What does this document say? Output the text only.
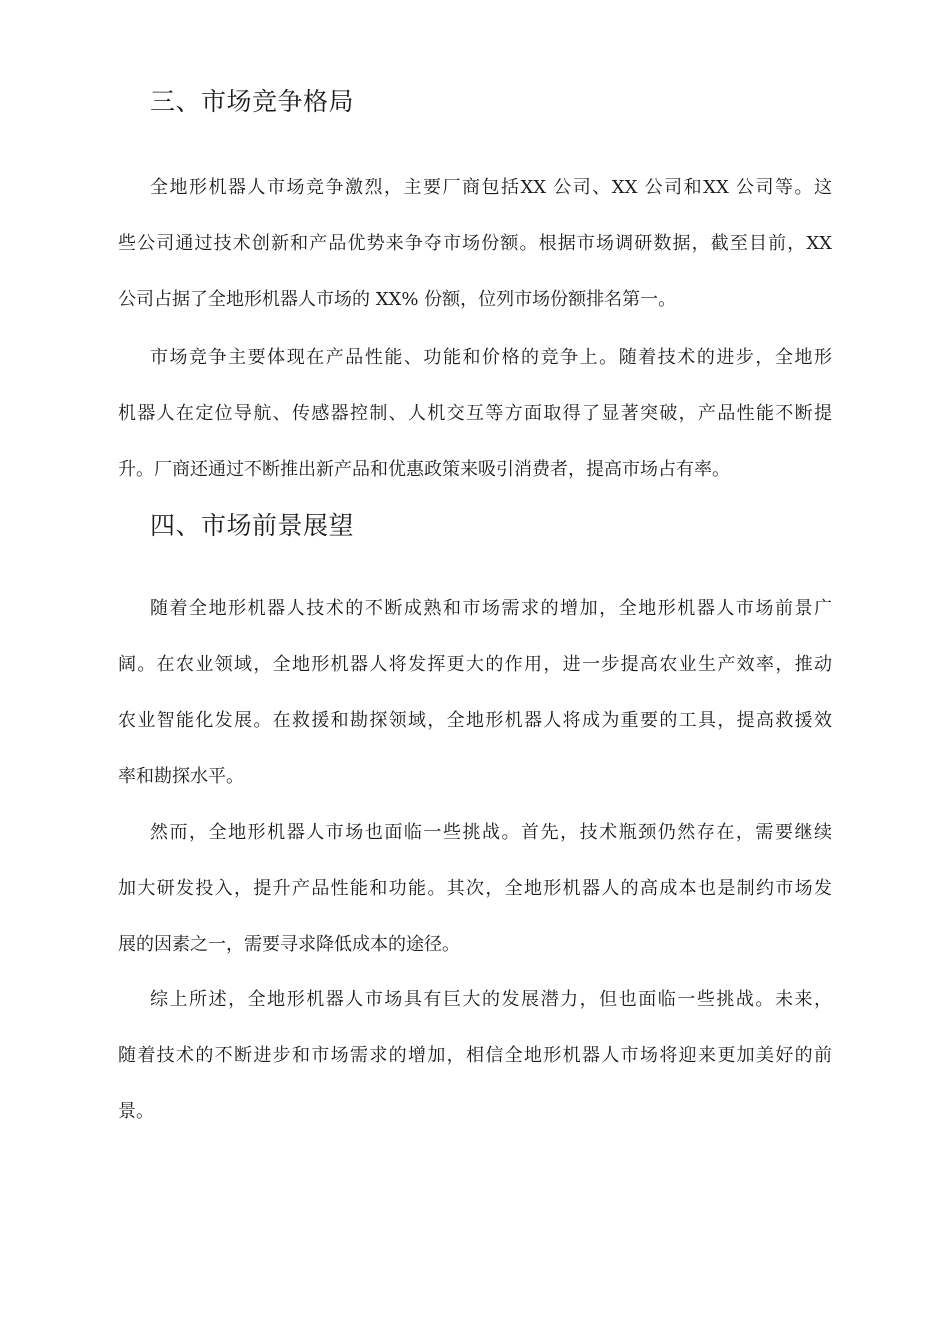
三、市场竞争格局
全地形机器人市场竞争激烈，主要厂商包括XX 公司、XX 公司和XX 公司等。这
些公司通过技术创新和产品优势来争夺市场份额。根据市场调研数据，截至目前，XX
公司占据了全地形机器人市场的 XX% 份额，位列市场份额排名第一。
市场竞争主要体现在产品性能、功能和价格的竞争上。随着技术的进步，全地形
机器人在定位导航、传感器控制、人机交互等方面取得了显著突破，产品性能不断提
升。厂商还通过不断推出新产品和优惠政策来吸引消费者，提高市场占有率。
四、市场前景展望
随着全地形机器人技术的不断成熟和市场需求的增加，全地形机器人市场前景广
阔。在农业领域，全地形机器人将发挥更大的作用，进一步提高农业生产效率，推动
农业智能化发展。在救援和勘探领域，全地形机器人将成为重要的工具，提高救援效
率和勘探水平。
然而，全地形机器人市场也面临一些挑战。首先，技术瓶颈仍然存在，需要继续
加大研发投入，提升产品性能和功能。其次，全地形机器人的高成本也是制约市场发
展的因素之一，需要寻求降低成本的途径。
综上所述，全地形机器人市场具有巨大的发展潜力，但也面临一些挑战。未来，
随着技术的不断进步和市场需求的增加，相信全地形机器人市场将迎来更加美好的前
景。
